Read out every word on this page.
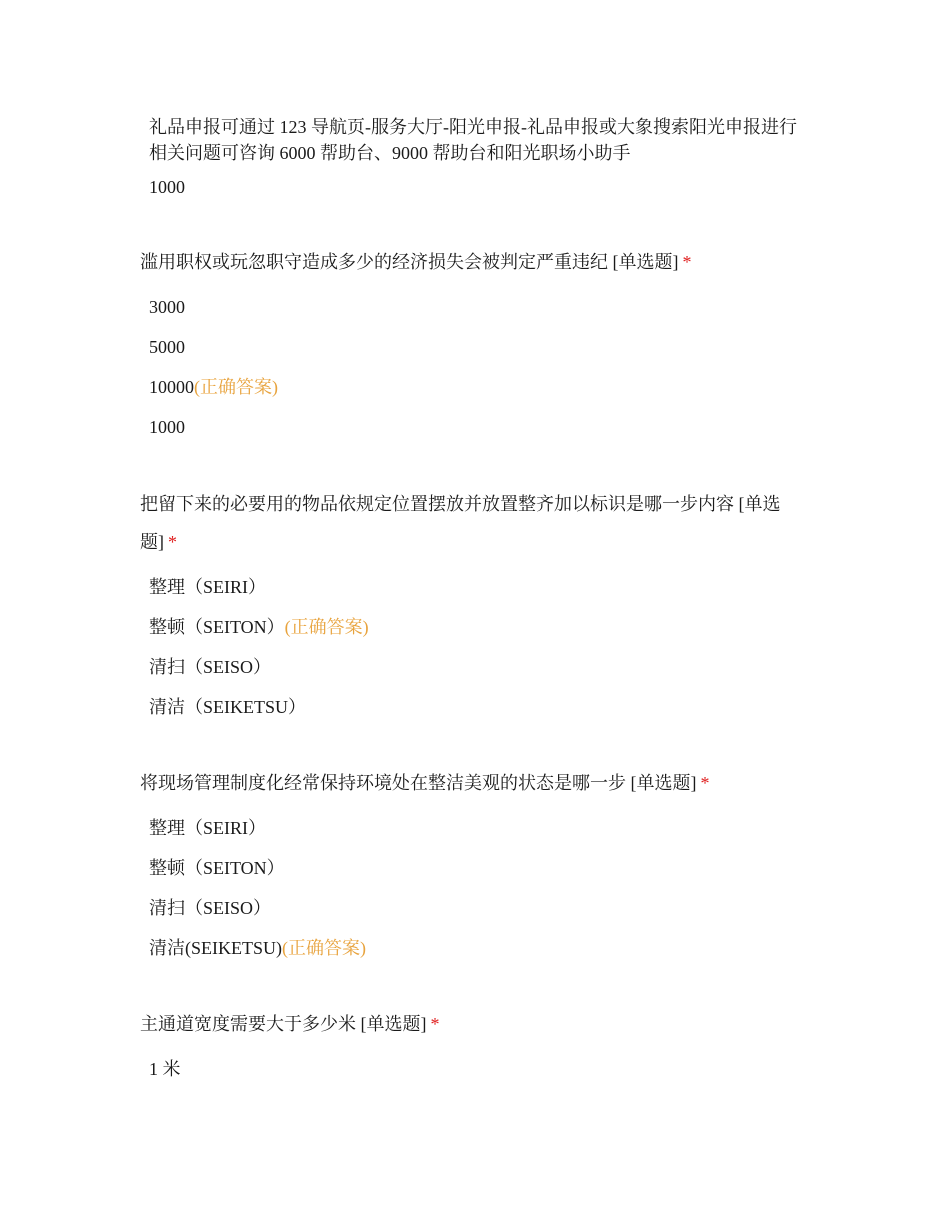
礼品申报可通过 123 导航页-服务大厅-阳光申报-礼品申报或大象搜索阳光申报进行相关问题可咨询 6000 帮助台、9000 帮助台和阳光职场小助手

1000

滥用职权或玩忽职守造成多少的经济损失会被判定严重违纪 [单选题] *

3000
5000
10000(正确答案)
1000

把留下来的必要用的物品依规定位置摆放并放置整齐加以标识是哪一步内容 [单选题] *

整理（SEIRI）
整顿（SEITON）(正确答案)
清扫（SEISO）
清洁（SEIKETSU）

将现场管理制度化经常保持环境处在整洁美观的状态是哪一步 [单选题] *

整理（SEIRI）
整顿（SEITON）
清扫（SEISO）
清洁(SEIKETSU)(正确答案)

主通道宽度需要大于多少米 [单选题] *

1 米
